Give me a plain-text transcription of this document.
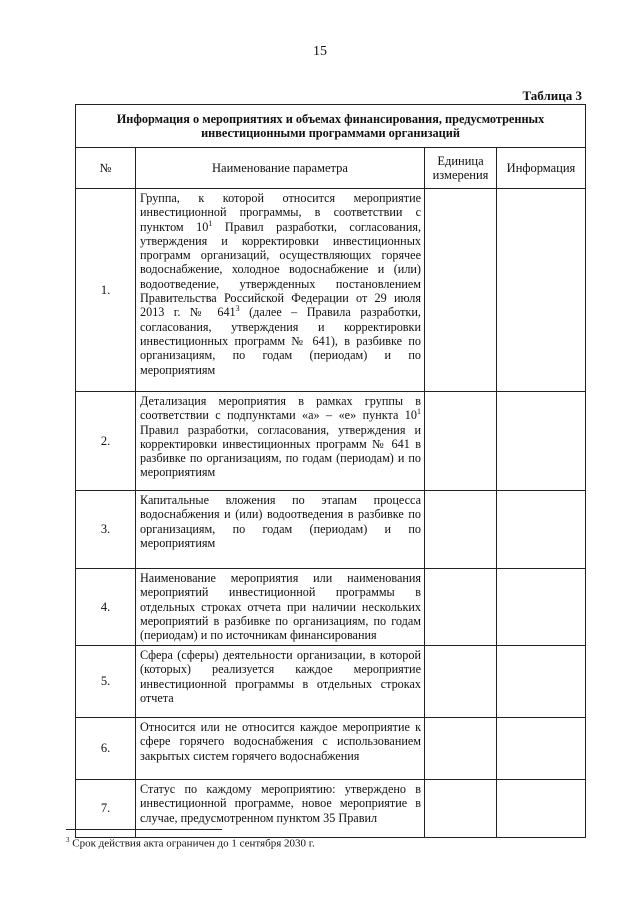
15
Таблица 3
Информация о мероприятиях и объемах финансирования, предусмотренных инвестиционными программами организаций			
№	Наименование параметра	Единица измерения	Информация
1.	Группа, к которой относится мероприятие инвестиционной программы, в соответствии с пунктом $10^1$ Правил разработки, согласования, утверждения и корректировки инвестиционных программ организаций, осуществляющих горячее водоснабжение, холодное водоснабжение и (или) водоотведение, утвержденных постановлением Правительства Российской Федерации от 29 июля 2013 г. № $641^3$ (далее – Правила разработки, согласования, утверждения и корректировки инвестиционных программ № 641), в разбивке по организациям, по годам (периодам) и по мероприятиям		
2.	Детализация мероприятия в рамках группы в соответствии с подпунктами «а» – «е» пункта $10^1$ Правил разработки, согласования, утверждения и корректировки инвестиционных программ № 641 в разбивке по организациям, по годам (периодам) и по мероприятиям		
3.	Капитальные вложения по этапам процесса водоснабжения и (или) водоотведения в разбивке по организациям, по годам (периодам) и по мероприятиям		
4.	Наименование мероприятия или наименования мероприятий инвестиционной программы в отдельных строках отчета при наличии нескольких мероприятий в разбивке по организациям, по годам (периодам) и по источникам финансирования		
5.	Сфера (сферы) деятельности организации, в которой (которых) реализуется каждое мероприятие инвестиционной программы в отдельных строках отчета		
6.	Относится или не относится каждое мероприятие к сфере горячего водоснабжения с использованием закрытых систем горячего водоснабжения		
7.	Статус по каждому мероприятию: утверждено в инвестиционной программе, новое мероприятие в случае, предусмотренном пунктом 35 Правил		
$^3$ Срок действия акта ограничен до 1 сентября 2030 г.
